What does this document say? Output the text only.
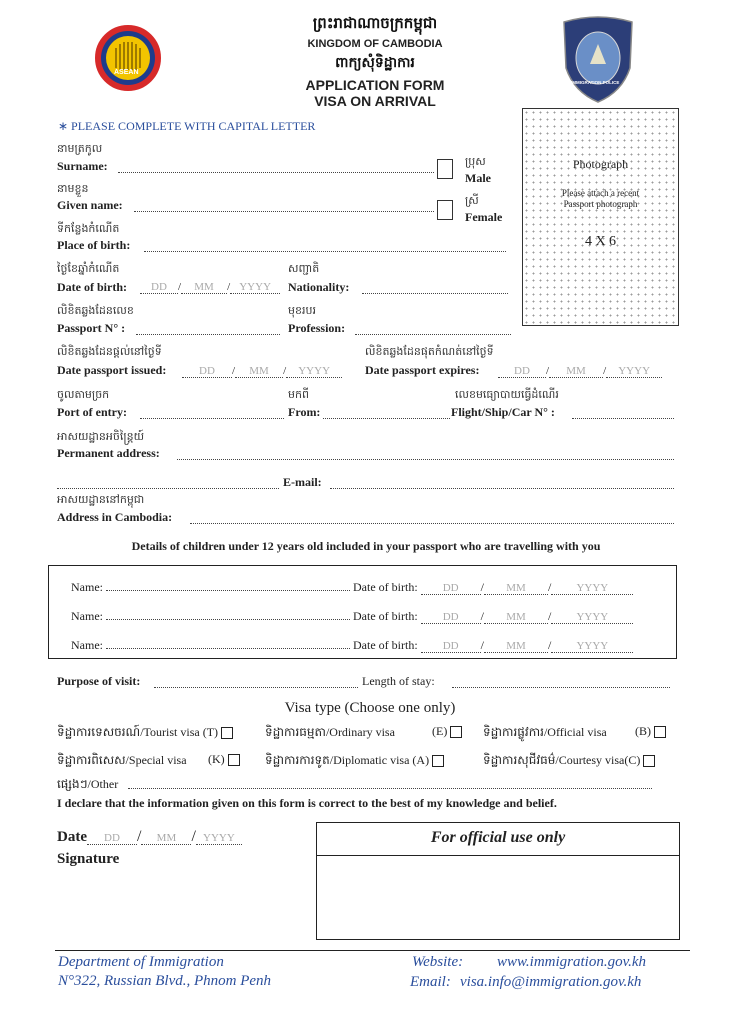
ASEAN
ព្រះរាជាណាចក្រកម្ពុជា
KINGDOM OF CAMBODIA
ពាក្យសុំទិដ្ឋាការ
APPLICATION FORM
VISA ON ARRIVAL
IMMIGRATION POLICE
∗ PLEASE COMPLETE WITH CAPITAL LETTER
Photograph
Please attach a recent
Passport photograph
4 X 6
នាមត្រកូល
Surname:
នាមខ្លួន
Given name:
ប្រុស
Male
ស្រី
Female
ទីកន្លែងកំណើត
Place of birth:
ថ្ងៃខែឆ្នាំកំណើត
Date of birth:	DD / MM / YYYY
សញ្ជាតិ
Nationality:
លិខិតឆ្លងដែនលេខ
Passport N° :
មុខរបរ
Profession:
លិខិតឆ្លងដែនផ្តល់នៅថ្ងៃទី
Date passport issued:	DD / MM / YYYY
លិខិតឆ្លងដែនផុតកំណត់នៅថ្ងៃទី
Date passport expires:	DD / MM / YYYY
ចូលតាមច្រក
Port of entry:
មកពី
From:
លេខមធ្យោបាយធ្វើដំណើរ
Flight/Ship/Car N° :
អាសយដ្ឋានអចិន្ត្រៃយ៍
Permanent address:
E-mail:
អាសយដ្ឋាននៅកម្ពុជា
Address in Cambodia:
Details of children under 12 years old included in your passport who are travelling with you
Name:	Date of birth: DD / MM / YYYY
Name:	Date of birth: DD / MM / YYYY
Name:	Date of birth: DD / MM / YYYY
Purpose of visit:	Length of stay:
Visa type (Choose one only)
ទិដ្ឋាការទេសចរណ៍/Tourist visa (T)	ទិដ្ឋាការធម្មតា/Ordinary visa	(E)	ទិដ្ឋាការផ្លូវការ/Official visa (B)
ទិដ្ឋាការពិសេស/Special visa (K)	ទិដ្ឋាការការទូត/Diplomatic visa (A)	ទិដ្ឋាការសុជីវធម៌/Courtesy visa(C)
ផ្សេងៗ/Other
I declare that the information given on this form is correct to the best of my knowledge and belief.
Date DD / MM / YYYY
Signature
For official use only
Department of Immigration
N°322, Russian Blvd., Phnom Penh
Website: www.immigration.gov.kh
Email: visa.info@immigration.gov.kh
